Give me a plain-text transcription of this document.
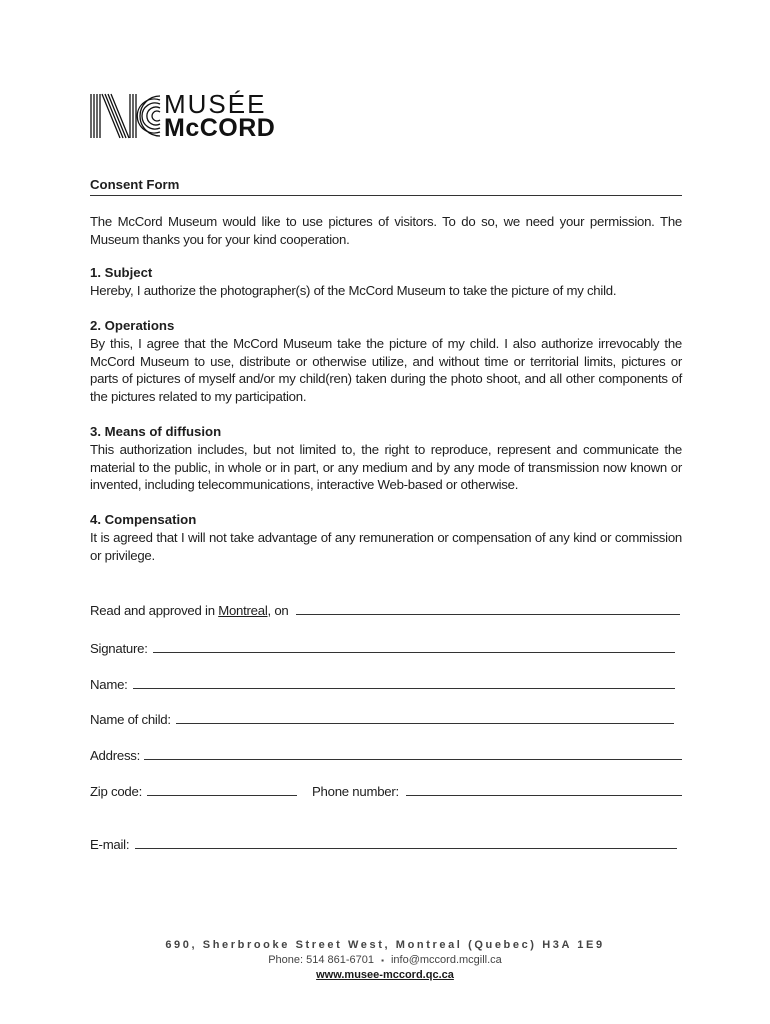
MUSÉE
McCORD
Consent Form

The McCord Museum would like to use pictures of visitors. To do so, we need your permission. The Museum thanks you for your kind cooperation.

1. Subject

Hereby, I authorize the photographer(s) of the McCord Museum to take the picture of my child.

2. Operations

By this, I agree that the McCord Museum take the picture of my child. I also authorize irrevocably the McCord Museum to use, distribute or otherwise utilize, and without time or territorial limits, pictures or parts of pictures of myself and/or my child(ren) taken during the photo shoot, and all other components of the pictures related to my participation.

3. Means of diffusion

This authorization includes, but not limited to, the right to reproduce, represent and communicate the material to the public, in whole or in part, or any medium and by any mode of transmission now known or invented, including telecommunications, interactive Web-based or otherwise.

4. Compensation

It is agreed that I will not take advantage of any remuneration or compensation of any kind or commission or privilege.

Read and approved in Montreal, on
Signature:
Name:
Name of child:
Address:
Zip code:	Phone number:
E-mail:

690, Sherbrooke Street West, Montreal (Quebec) H3A 1E9

Phone: 514 861-6701 ▪ info@mccord.mcgill.ca

www.musee-mccord.qc.ca
